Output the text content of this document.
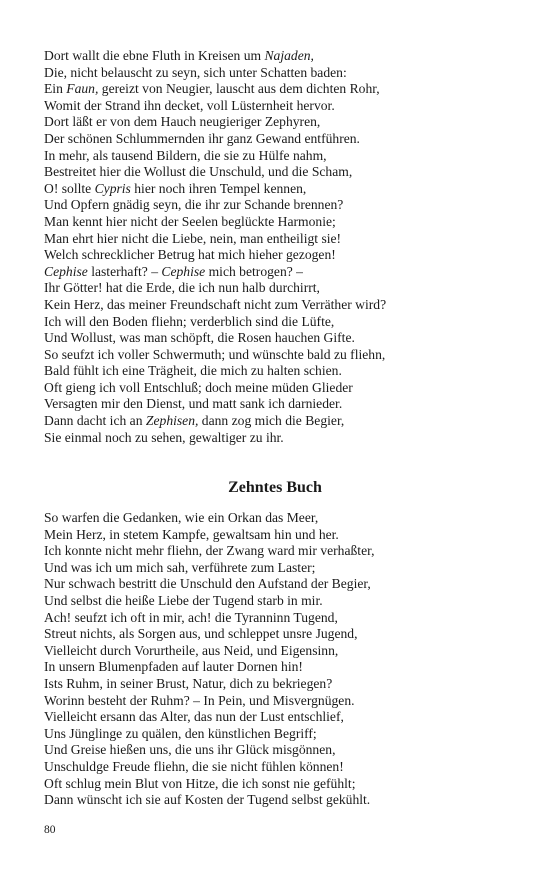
Dort wallt die ebne Fluth in Kreisen um Najaden,
Die, nicht belauscht zu seyn, sich unter Schatten baden:
Ein Faun, gereizt von Neugier, lauscht aus dem dichten Rohr,
Womit der Strand ihn decket, voll Lüsternheit hervor.
Dort läßt er von dem Hauch neugieriger Zephyren,
Der schönen Schlummernden ihr ganz Gewand entführen.
In mehr, als tausend Bildern, die sie zu Hülfe nahm,
Bestreitet hier die Wollust die Unschuld, und die Scham,
O! sollte Cypris hier noch ihren Tempel kennen,
Und Opfern gnädig seyn, die ihr zur Schande brennen?
Man kennt hier nicht der Seelen beglückte Harmonie;
Man ehrt hier nicht die Liebe, nein, man entheiligt sie!
Welch schrecklicher Betrug hat mich hieher gezogen!
Cephise lasterhaft? – Cephise mich betrogen? –
Ihr Götter! hat die Erde, die ich nun halb durchirrt,
Kein Herz, das meiner Freundschaft nicht zum Verräther wird?
Ich will den Boden fliehn; verderblich sind die Lüfte,
Und Wollust, was man schöpft, die Rosen hauchen Gifte.
So seufzt ich voller Schwermuth; und wünschte bald zu fliehn,
Bald fühlt ich eine Trägheit, die mich zu halten schien.
Oft gieng ich voll Entschluß; doch meine müden Glieder
Versagten mir den Dienst, und matt sank ich darnieder.
Dann dacht ich an Zephisen, dann zog mich die Begier,
Sie einmal noch zu sehen, gewaltiger zu ihr.
Zehntes Buch
So warfen die Gedanken, wie ein Orkan das Meer,
Mein Herz, in stetem Kampfe, gewaltsam hin und her.
Ich konnte nicht mehr fliehn, der Zwang ward mir verhaßter,
Und was ich um mich sah, verführete zum Laster;
Nur schwach bestritt die Unschuld den Aufstand der Begier,
Und selbst die heiße Liebe der Tugend starb in mir.
Ach! seufzt ich oft in mir, ach! die Tyranninn Tugend,
Streut nichts, als Sorgen aus, und schleppet unsre Jugend,
Vielleicht durch Vorurtheile, aus Neid, und Eigensinn,
In unsern Blumenpfaden auf lauter Dornen hin!
Ists Ruhm, in seiner Brust, Natur, dich zu bekriegen?
Worinn besteht der Ruhm? – In Pein, und Misvergnügen.
Vielleicht ersann das Alter, das nun der Lust entschlief,
Uns Jünglinge zu quälen, den künstlichen Begriff;
Und Greise hießen uns, die uns ihr Glück misgönnen,
Unschuldge Freude fliehn, die sie nicht fühlen können!
Oft schlug mein Blut von Hitze, die ich sonst nie gefühlt;
Dann wünscht ich sie auf Kosten der Tugend selbst gekühlt.
80
